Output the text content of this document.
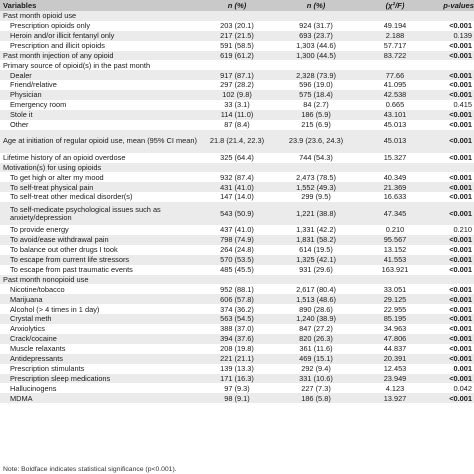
Variables	n (%)	n (%)	(χ²/F)	p-values
Past month opioid use				
Prescription opioids only	203 (20.1)	924 (31.7)	49.194	<0.001
Heroin and/or illicit fentanyl only	217 (21.5)	693 (23.7)	2.188	0.139
Prescription and illicit opioids	591 (58.5)	1,303 (44.6)	57.717	<0.001
Past month injection of any opioid	619 (61.2)	1,300 (44.5)	83.722	<0.001
Primary source of opioid(s) in the past month				
Dealer	917 (87.1)	2,328 (73.9)	77.66	<0.001
Friend/relative	297 (28.2)	596 (19.0)	41.095	<0.001
Physician	102 (9.8)	575 (18.4)	42.538	<0.001
Emergency room	33 (3.1)	84 (2.7)	0.665	0.415
Stole it	114 (11.0)	186 (5.9)	43.101	<0.001
Other	87 (8.4)	215 (6.9)	45.013	<0.001
Age at initiation of regular opioid use, mean (95% CI mean)	21.8 (21.4, 22.3)	23.9 (23.6, 24.3)	45.013	<0.001
Lifetime history of an opioid overdose	325 (64.4)	744 (54.3)	15.327	<0.001
Motivation(s) for using opioids				
To get high or alter my mood	932 (87.4)	2,473 (78.5)	40.349	<0.001
To self-treat physical pain	431 (41.0)	1,552 (49.3)	21.369	<0.001
To self-treat other medical disorder(s)	147 (14.0)	299 (9.5)	16.633	<0.001
To self-medicate psychological issues such as anxiety/depression	543 (50.9)	1,221 (38.8)	47.345	<0.001
To provide energy	437 (41.0)	1,331 (42.2)	0.210	0.210
To avoid/ease withdrawal pain	798 (74.9)	1,831 (58.2)	95.567	<0.001
To balance out other drugs I took	264 (24.8)	614 (19.5)	13.152	<0.001
To escape from current life stressors	570 (53.5)	1,325 (42.1)	41.553	<0.001
To escape from past traumatic events	485 (45.5)	931 (29.6)	163.921	<0.001
Past month nonopioid use				
Nicotine/tobacco	952 (88.1)	2,617 (80.4)	33.051	<0.001
Marijuana	606 (57.8)	1,513 (48.6)	29.125	<0.001
Alcohol (> 4 times in 1 day)	374 (36.2)	890 (28.6)	22.955	<0.001
Crystal meth	563 (54.5)	1,240 (38.9)	85.195	<0.001
Anxiolytics	388 (37.0)	847 (27.2)	34.963	<0.001
Crack/cocaine	394 (37.6)	820 (26.3)	47.806	<0.001
Muscle relaxants	208 (19.8)	361 (11.6)	44.837	<0.001
Antidepressants	221 (21.1)	469 (15.1)	20.391	<0.001
Prescription stimulants	139 (13.3)	292 (9.4)	12.453	0.001
Prescription sleep medications	171 (16.3)	331 (10.6)	23.949	<0.001
Hallucinogens	97 (9.3)	227 (7.3)	4.123	0.042
MDMA	98 (9.1)	186 (5.8)	13.927	<0.001
Note: Boldface indicates statistical significance (p<0.001).
